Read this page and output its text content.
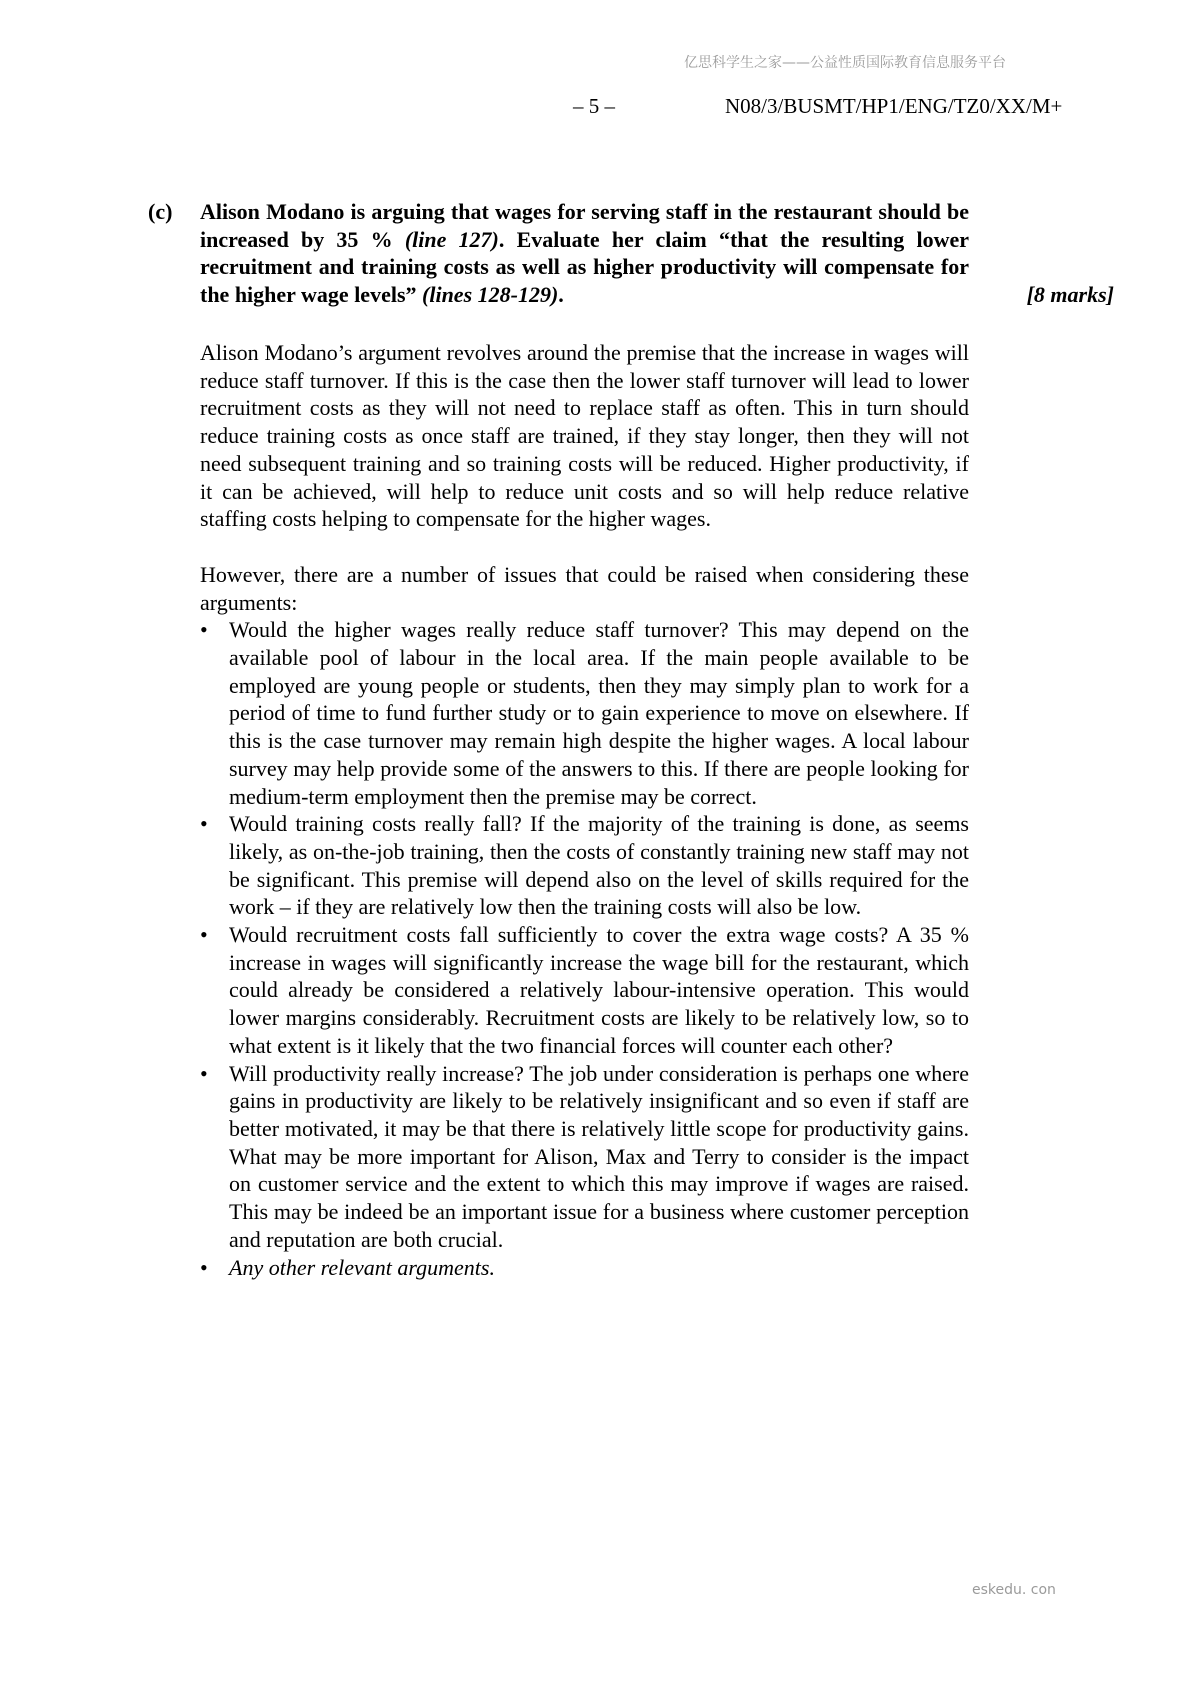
亿思科学生之家——公益性质国际教育信息服务平台
– 5 –	N08/3/BUSMT/HP1/ENG/TZ0/XX/M+
(c) Alison Modano is arguing that wages for serving staff in the restaurant should be increased by 35 % (line 127). Evaluate her claim “that the resulting lower recruitment and training costs as well as higher productivity will compensate for the higher wage levels” (lines 128-129).	[8 marks]

Alison Modano’s argument revolves around the premise that the increase in wages will reduce staff turnover. If this is the case then the lower staff turnover will lead to lower recruitment costs as they will not need to replace staff as often. This in turn should reduce training costs as once staff are trained, if they stay longer, then they will not need subsequent training and so training costs will be reduced. Higher productivity, if it can be achieved, will help to reduce unit costs and so will help reduce relative staffing costs helping to compensate for the higher wages.

However, there are a number of issues that could be raised when considering these arguments:

• Would the higher wages really reduce staff turnover? This may depend on the available pool of labour in the local area. If the main people available to be employed are young people or students, then they may simply plan to work for a period of time to fund further study or to gain experience to move on elsewhere. If this is the case turnover may remain high despite the higher wages. A local labour survey may help provide some of the answers to this. If there are people looking for medium-term employment then the premise may be correct.
• Would training costs really fall? If the majority of the training is done, as seems likely, as on-the-job training, then the costs of constantly training new staff may not be significant. This premise will depend also on the level of skills required for the work – if they are relatively low then the training costs will also be low.
• Would recruitment costs fall sufficiently to cover the extra wage costs? A 35 % increase in wages will significantly increase the wage bill for the restaurant, which could already be considered a relatively labour-intensive operation. This would lower margins considerably. Recruitment costs are likely to be relatively low, so to what extent is it likely that the two financial forces will counter each other?
• Will productivity really increase? The job under consideration is perhaps one where gains in productivity are likely to be relatively insignificant and so even if staff are better motivated, it may be that there is relatively little scope for productivity gains. What may be more important for Alison, Max and Terry to consider is the impact on customer service and the extent to which this may improve if wages are raised. This may be indeed be an important issue for a business where customer perception and reputation are both crucial.
• Any other relevant arguments.
eskedu. con
